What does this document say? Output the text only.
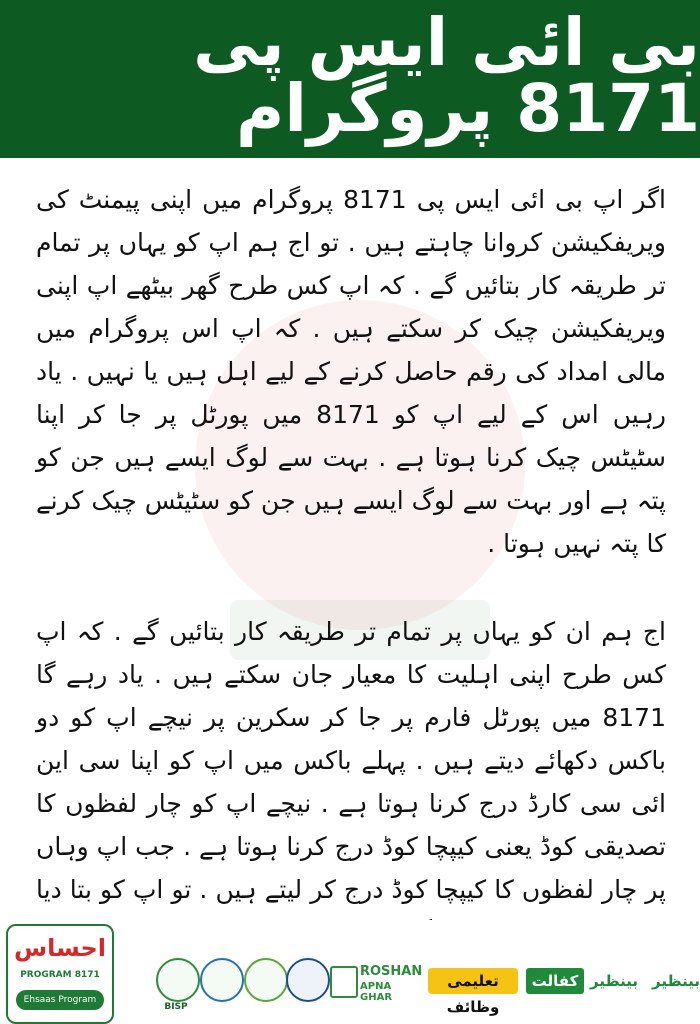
بی ائی ایس پی 8171 پروگرام

اگر اپ بی ائی ایس پی 8171 پروگرام میں اپنی پیمنٹ کی ویریفکیشن کروانا چاہتے ہیں . تو اج ہم اپ کو یہاں پر تمام تر طریقہ کار بتائیں گے . کہ اپ کس طرح گھر بیٹھے اپ اپنی ویریفکیشن چیک کر سکتے ہیں . کہ اپ اس پروگرام میں مالی امداد کی رقم حاصل کرنے کے لیے اہل ہیں یا نہیں . یاد رہیں اس کے لیے اپ کو 8171 میں پورٹل پر جا کر اپنا سٹیٹس چیک کرنا ہوتا ہے . بہت سے لوگ ایسے ہیں جن کو پتہ ہے اور بہت سے لوگ ایسے ہیں جن کو سٹیٹس چیک کرنے کا پتہ نہیں ہوتا .

اج ہم ان کو یہاں پر تمام تر طریقہ کار بتائیں گے . کہ اپ کس طرح اپنی اہلیت کا معیار جان سکتے ہیں . یاد رہے گا 8171 میں پورٹل فارم پر جا کر سکرین پر نیچے اپ کو دو باکس دکھائے دیتے ہیں . پہلے باکس میں اپ کو اپنا سی این ائی سی کارڈ درج کرنا ہوتا ہے . نیچے اپ کو چار لفظوں کا تصدیقی کوڈ یعنی کیپچا کوڈ درج کرنا ہوتا ہے . جب اپ وہاں پر چار لفظوں کا کیپچا کوڈ درج کر لیتے ہیں . تو اپ کو بتا دیا

احساس
PROGRAM 8171
Ehsaas Program
BISP
ROSHAN
APNA GHAR
تعلیمی وظائف
کفالت بینظیر بینظیر
